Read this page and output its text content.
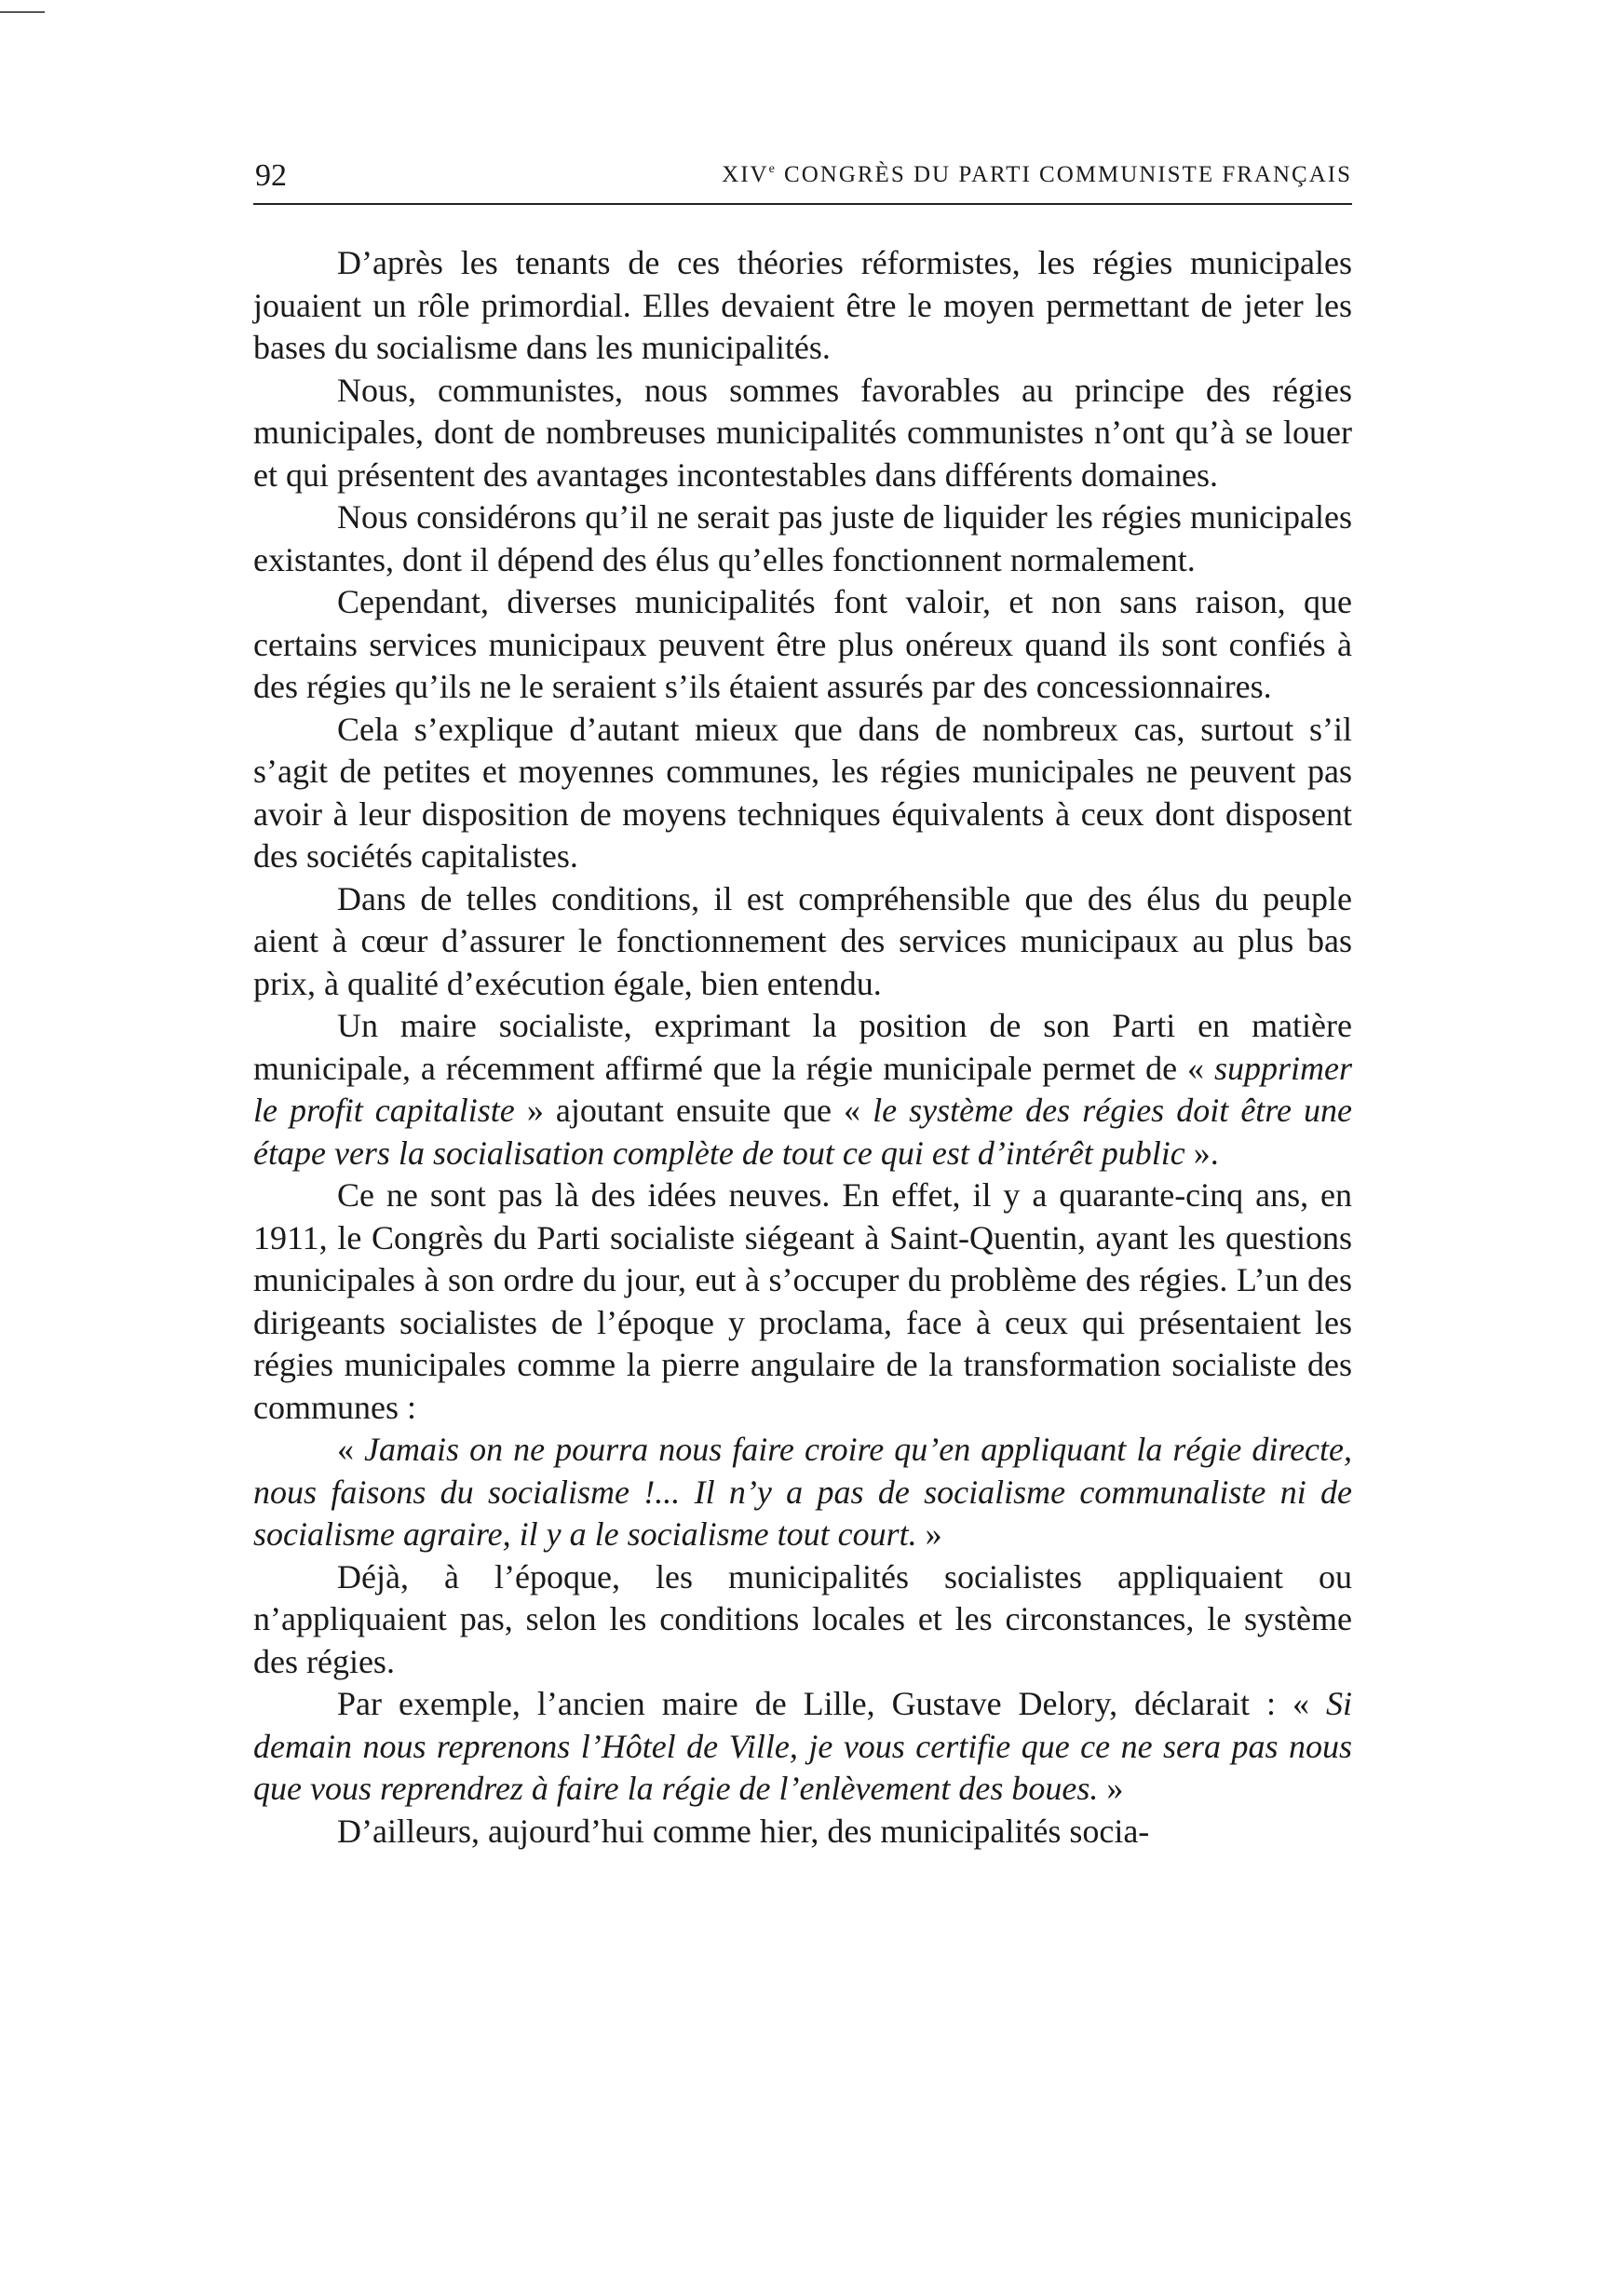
92	XIVe CONGRÈS DU PARTI COMMUNISTE FRANÇAIS

D’après les tenants de ces théories réformistes, les régies municipales jouaient un rôle primordial. Elles devaient être le moyen permettant de jeter les bases du socialisme dans les municipalités.

Nous, communistes, nous sommes favorables au principe des régies municipales, dont de nombreuses municipalités communistes n’ont qu’à se louer et qui présentent des avantages incontestables dans différents domaines.

Nous considérons qu’il ne serait pas juste de liquider les régies municipales existantes, dont il dépend des élus qu’elles fonctionnent normalement.

Cependant, diverses municipalités font valoir, et non sans raison, que certains services municipaux peuvent être plus onéreux quand ils sont confiés à des régies qu’ils ne le seraient s’ils étaient assurés par des concessionnaires.

Cela s’explique d’autant mieux que dans de nombreux cas, surtout s’il s’agit de petites et moyennes communes, les régies municipales ne peuvent pas avoir à leur disposition de moyens techniques équivalents à ceux dont disposent des sociétés capitalistes.

Dans de telles conditions, il est compréhensible que des élus du peuple aient à cœur d’assurer le fonctionnement des services municipaux au plus bas prix, à qualité d’exécution égale, bien entendu.

Un maire socialiste, exprimant la position de son Parti en matière municipale, a récemment affirmé que la régie municipale permet de « supprimer le profit capitaliste » ajoutant ensuite que « le système des régies doit être une étape vers la socialisation complète de tout ce qui est d’intérêt public ».

Ce ne sont pas là des idées neuves. En effet, il y a quarante-cinq ans, en 1911, le Congrès du Parti socialiste siégeant à Saint-Quentin, ayant les questions municipales à son ordre du jour, eut à s’occuper du problème des régies. L’un des dirigeants socialistes de l’époque y proclama, face à ceux qui présentaient les régies municipales comme la pierre angulaire de la transformation socialiste des communes :

« Jamais on ne pourra nous faire croire qu’en appliquant la régie directe, nous faisons du socialisme !... Il n’y a pas de socialisme communaliste ni de socialisme agraire, il y a le socialisme tout court. »

Déjà, à l’époque, les municipalités socialistes appliquaient ou n’appliquaient pas, selon les conditions locales et les circonstances, le système des régies.

Par exemple, l’ancien maire de Lille, Gustave Delory, déclarait : « Si demain nous reprenons l’Hôtel de Ville, je vous certifie que ce ne sera pas nous que vous reprendrez à faire la régie de l’enlèvement des boues. »

D’ailleurs, aujourd’hui comme hier, des municipalités socia-
